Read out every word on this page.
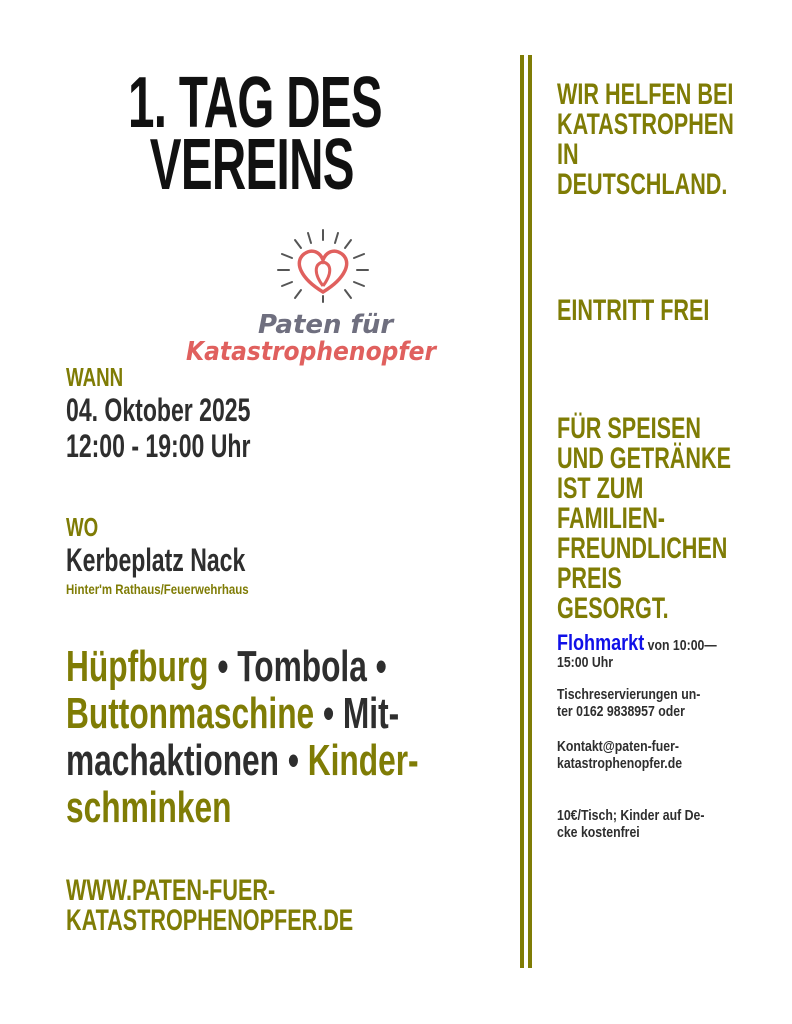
1. TAG DES
VEREINS
Paten für
Katastrophenopfer
WANN
04. Oktober 2025
12:00 - 19:00 Uhr
WO
Kerbeplatz Nack
Hinter'm Rathaus/Feuerwehrhaus
Hüpfburg • Tombola •
Buttonmaschine • Mit-
machaktionen • Kinder-
schminken
WWW.PATEN-FUER-
KATASTROPHENOPFER.DE
WIR HELFEN BEI
KATASTROPHEN
IN
DEUTSCHLAND.
EINTRITT FREI
FÜR SPEISEN
UND GETRÄNKE
IST ZUM
FAMILIEN-
FREUNDLICHEN
PREIS GESORGT.
Flohmarkt von 10:00—
15:00 Uhr
Tischreservierungen un-
ter 0162 9838957 oder
Kontakt@paten-fuer-
katastrophenopfer.de
10€/Tisch; Kinder auf De-
cke kostenfrei
